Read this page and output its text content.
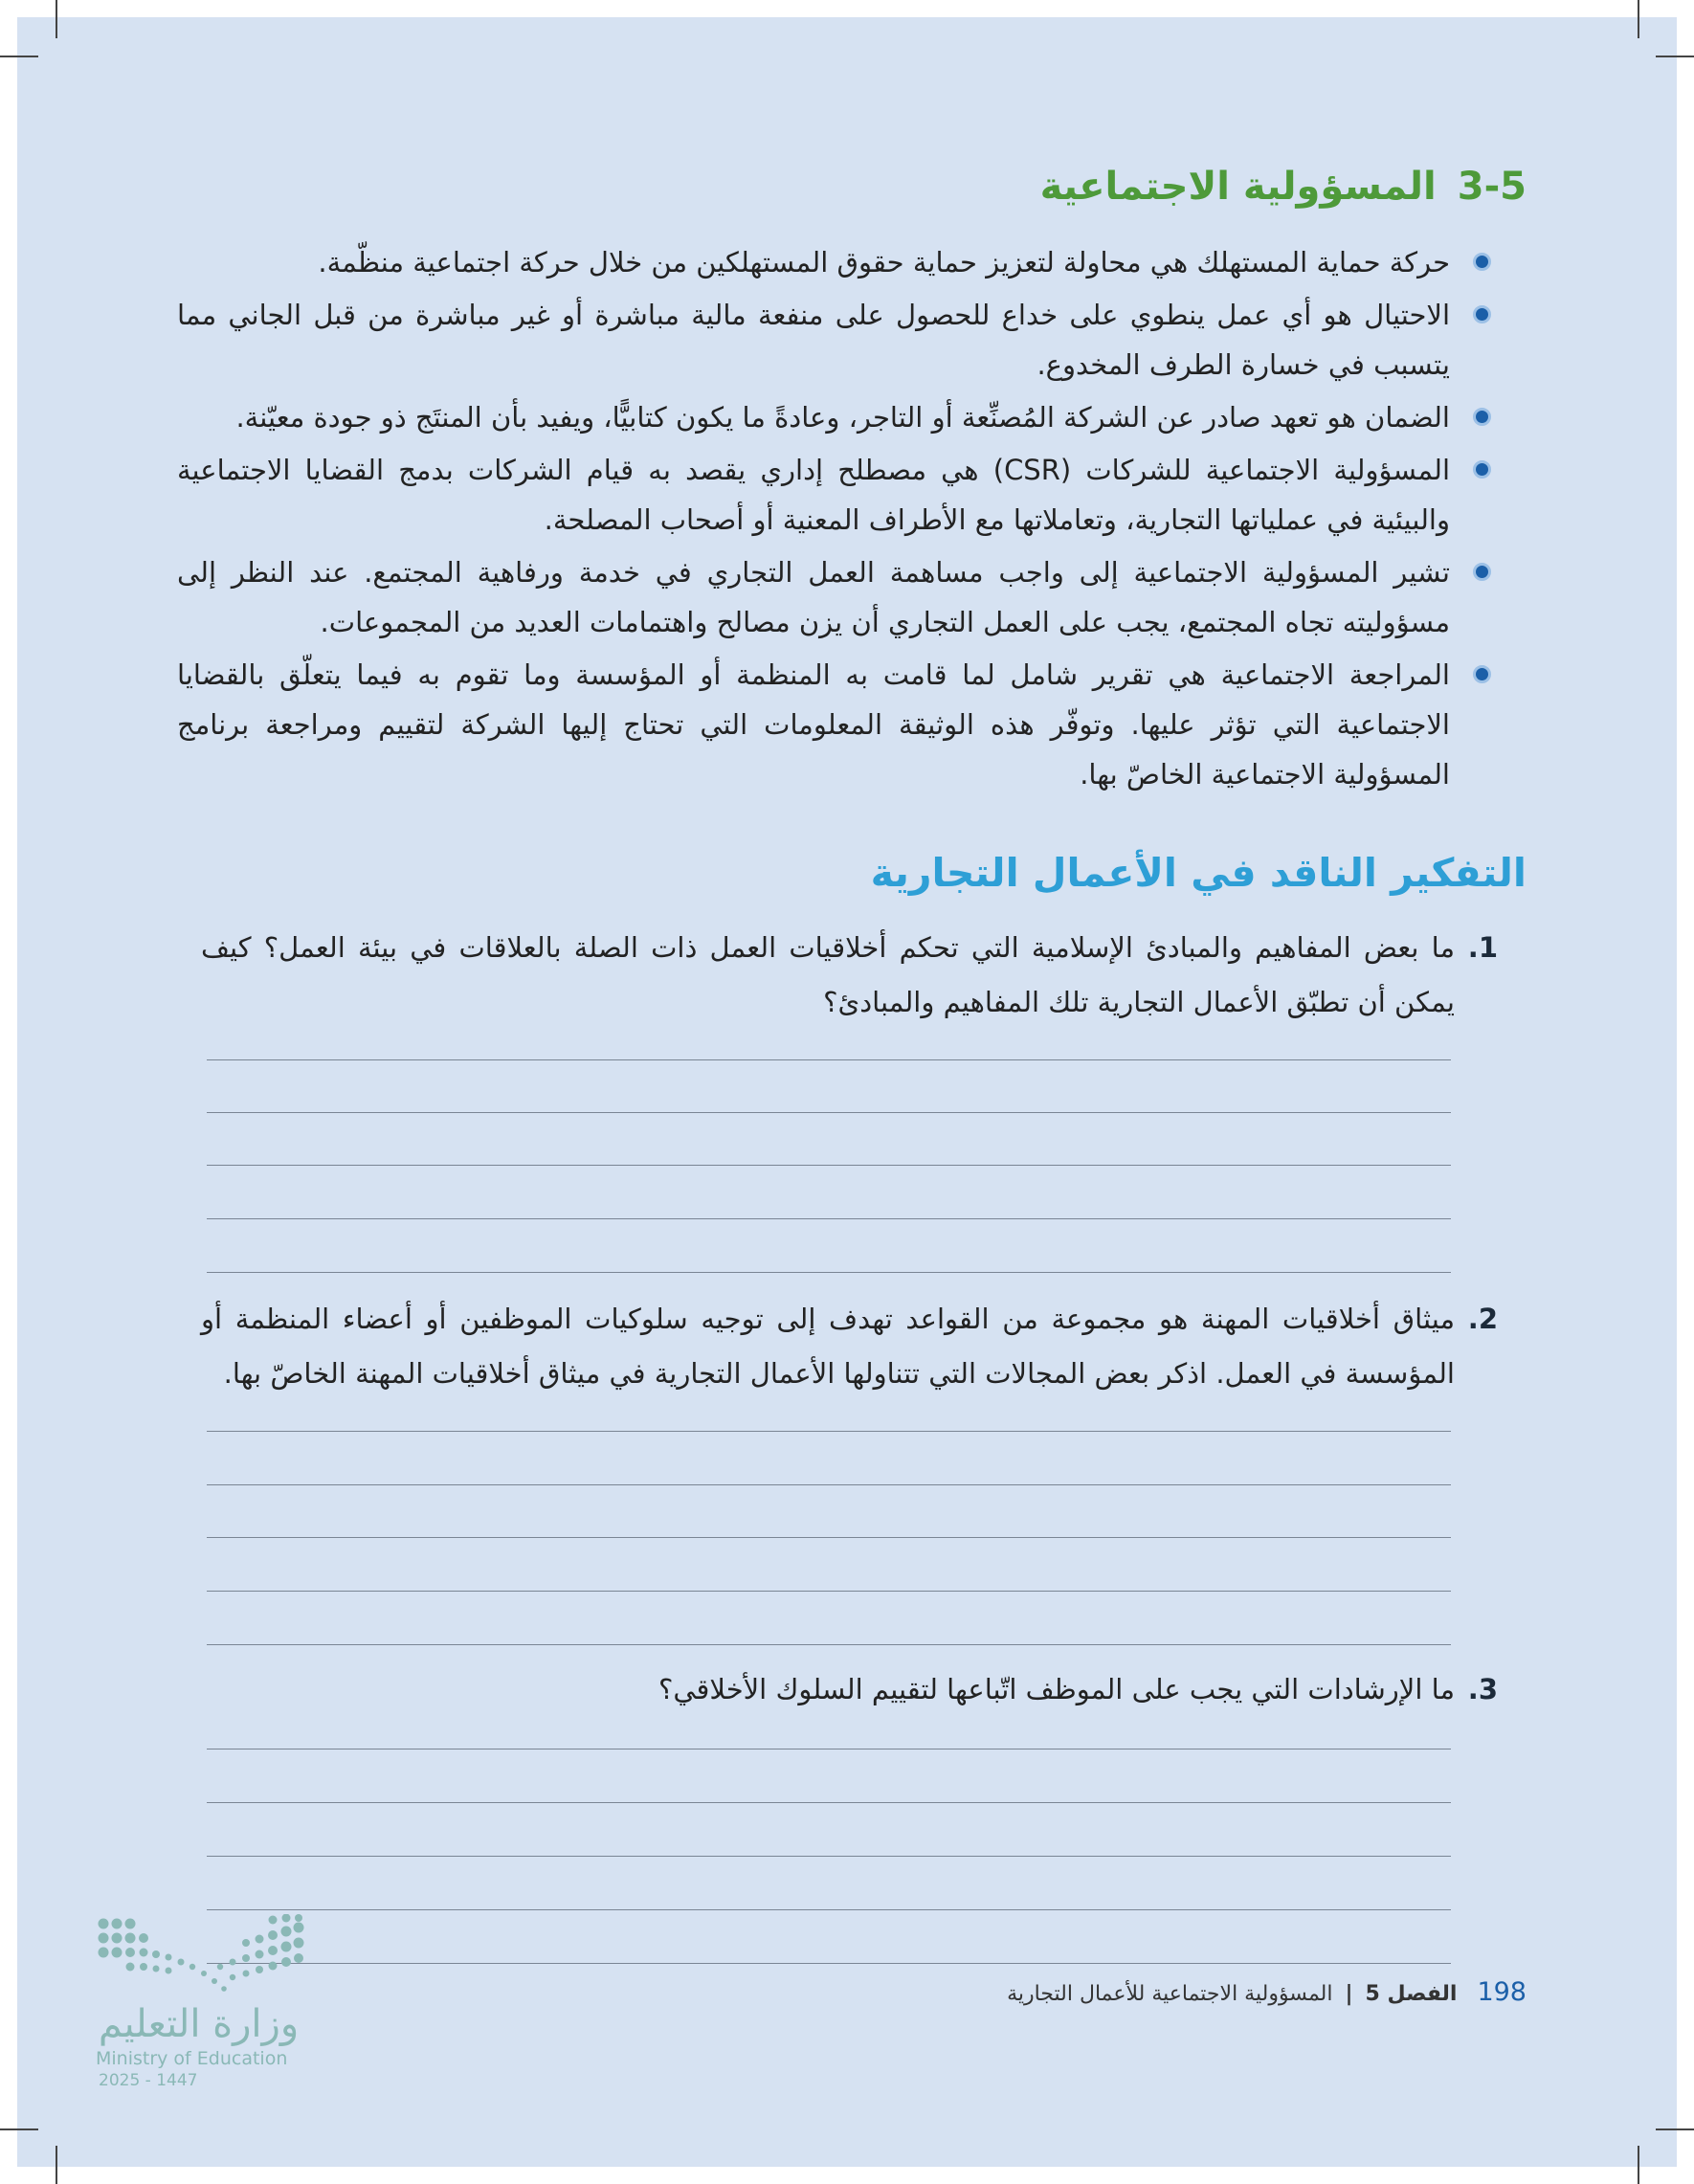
3-5المسؤولية الاجتماعية
حركة حماية المستهلك هي محاولة لتعزيز حماية حقوق المستهلكين من خلال حركة اجتماعية منظّمة.
الاحتيال هو أي عمل ينطوي على خداع للحصول على منفعة مالية مباشرة أو غير مباشرة من قبل الجاني مما يتسبب في خسارة الطرف المخدوع.
الضمان هو تعهد صادر عن الشركة المُصنِّعة أو التاجر، وعادةً ما يكون كتابيًّا، ويفيد بأن المنتَج ذو جودة معيّنة.
المسؤولية الاجتماعية للشركات (CSR) هي مصطلح إداري يقصد به قيام الشركات بدمج القضايا الاجتماعية والبيئية في عملياتها التجارية، وتعاملاتها مع الأطراف المعنية أو أصحاب المصلحة.
تشير المسؤولية الاجتماعية إلى واجب مساهمة العمل التجاري في خدمة ورفاهية المجتمع. عند النظر إلى مسؤوليته تجاه المجتمع، يجب على العمل التجاري أن يزن مصالح واهتمامات العديد من المجموعات.
المراجعة الاجتماعية هي تقرير شامل لما قامت به المنظمة أو المؤسسة وما تقوم به فيما يتعلّق بالقضايا الاجتماعية التي تؤثر عليها. وتوفّر هذه الوثيقة المعلومات التي تحتاج إليها الشركة لتقييم ومراجعة برنامج المسؤولية الاجتماعية الخاصّ بها.
التفكير الناقد في الأعمال التجارية
1.
ما بعض المفاهيم والمبادئ الإسلامية التي تحكم أخلاقيات العمل ذات الصلة بالعلاقات في بيئة العمل؟ كيف يمكن أن تطبّق الأعمال التجارية تلك المفاهيم والمبادئ؟
2.
ميثاق أخلاقيات المهنة هو مجموعة من القواعد تهدف إلى توجيه سلوكيات الموظفين أو أعضاء المنظمة أو المؤسسة في العمل. اذكر بعض المجالات التي تتناولها الأعمال التجارية في ميثاق أخلاقيات المهنة الخاصّ بها.
3.
ما الإرشادات التي يجب على الموظف اتّباعها لتقييم السلوك الأخلاقي؟
198 الفصل 5 | المسؤولية الاجتماعية للأعمال التجارية
وزارة التعليم
Ministry of Education
2025 - 1447
